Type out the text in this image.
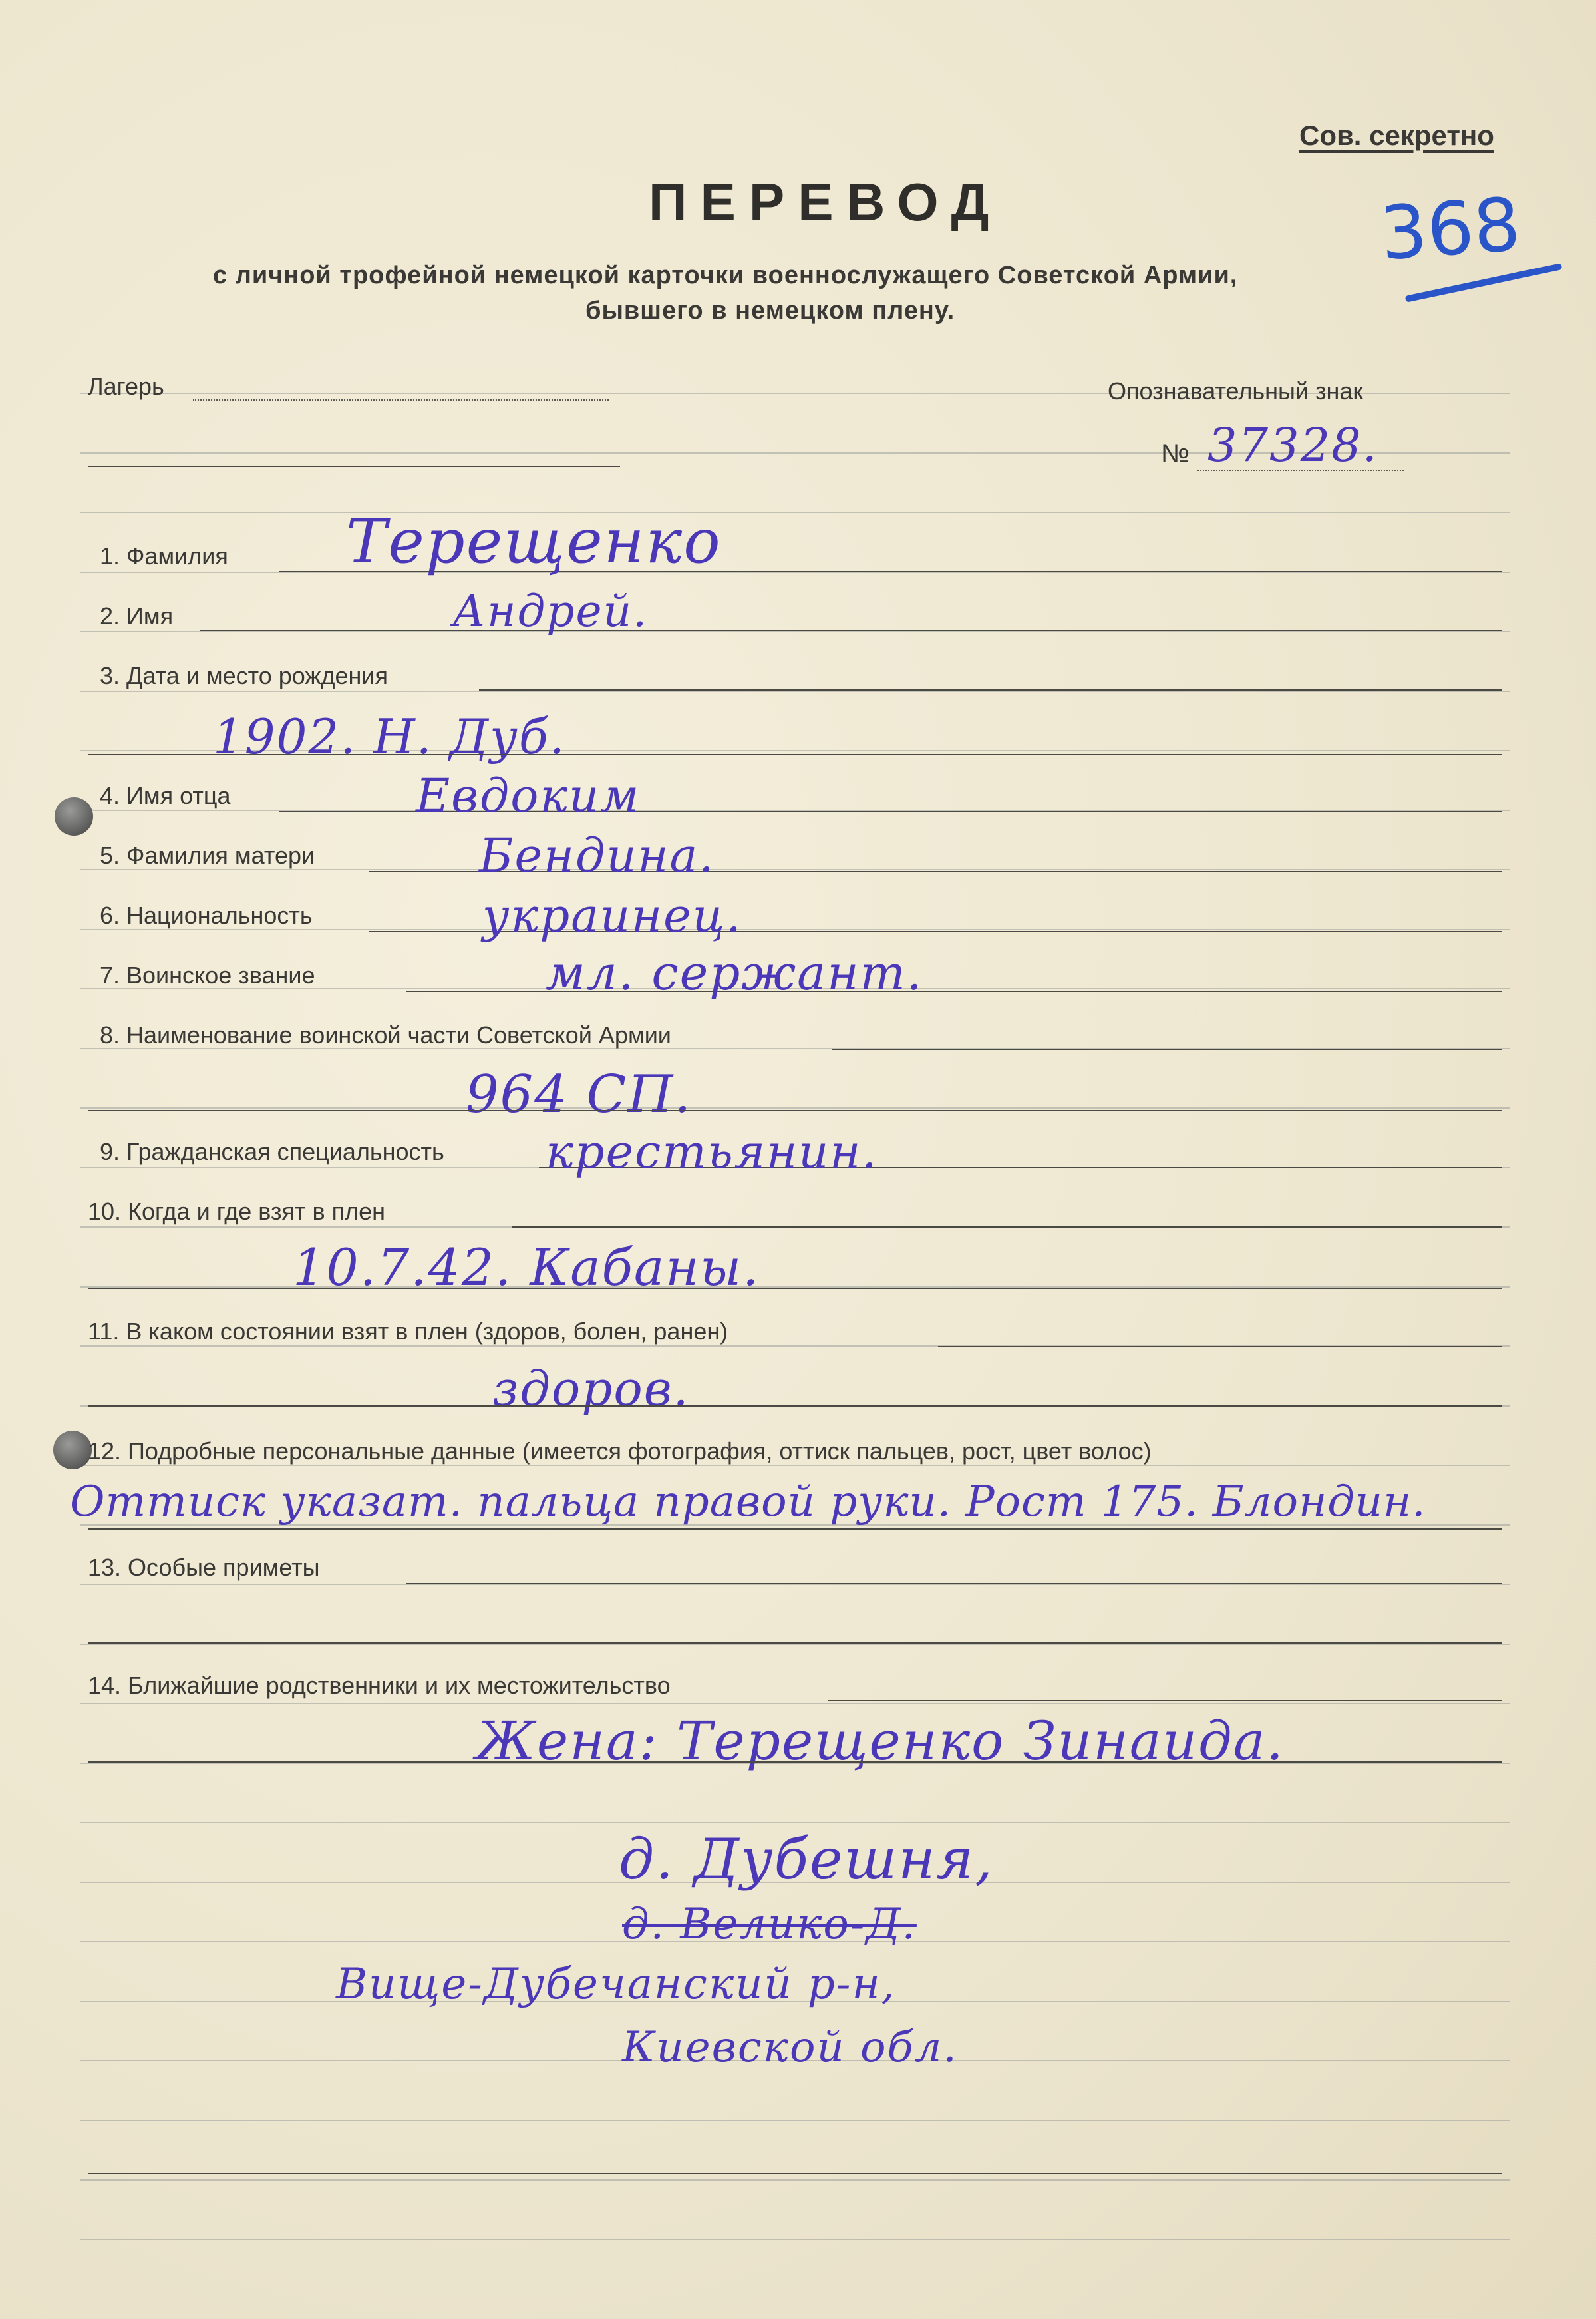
Сов. секретно
368
ПЕРЕВОД
с личной трофейной немецкой карточки военнослужащего Советской Армии,
бывшего в немецком плену.
Лагерь	Опознавательный знак
№ 37328.
1. Фамилия Терещенко
2. Имя	Андрей.
3. Дата и место рождения
1902. Н. Дуб.
4. Имя отца	Евдоким
5. Фамилия матери	Бендина.
6. Национальность	украинец.
7. Воинское звание	мл. сержант.
8. Наименование воинской части Советской Армии
964 СП.
9. Гражданская специальность крестьянин.
10. Когда и где взят в плен
10.7.42. Кабаны.
11. В каком состоянии взят в плен (здоров, болен, ранен)
здоров.
12. Подробные персональные данные (имеется фотография, оттиск пальцев, рост, цвет волос)
Оттиск указат. пальца правой руки. Рост 175. Блондин.
13. Особые приметы
14. Ближайшие родственники и их местожительство
Жена: Терещенко Зинаида.
д. Дубешня,
д. Велико-Д.
Вище-Дубечанский р-н,
Киевской обл.
